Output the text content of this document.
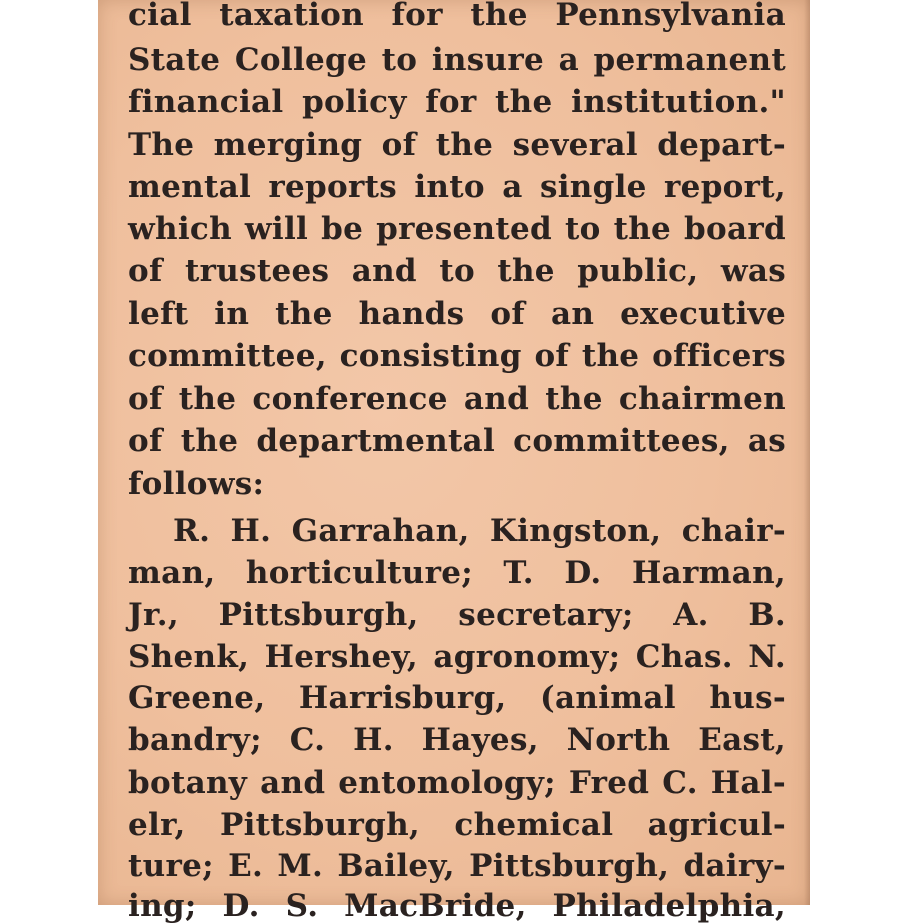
cial taxation for the Pennsylvania

State College to insure a permanent

financial policy for the institution."

The merging of the several depart-

mental reports into a single report,

which will be presented to the board

of trustees and to the public, was

left in the hands of an executive

committee, consisting of the officers

of the conference and the chairmen

of the departmental committees, as

follows:

R. H. Garrahan, Kingston, chair-

man, horticulture; T. D. Harman,

Jr., Pittsburgh, secretary; A. B.

Shenk, Hershey, agronomy; Chas. N.

Greene, Harrisburg, (animal hus-

bandry; C. H. Hayes, North East,

botany and entomology; Fred C. Hal-

elr, Pittsburgh, chemical agricul-

ture; E. M. Bailey, Pittsburgh, dairy-

ing; D. S. MacBride, Philadelphia,
